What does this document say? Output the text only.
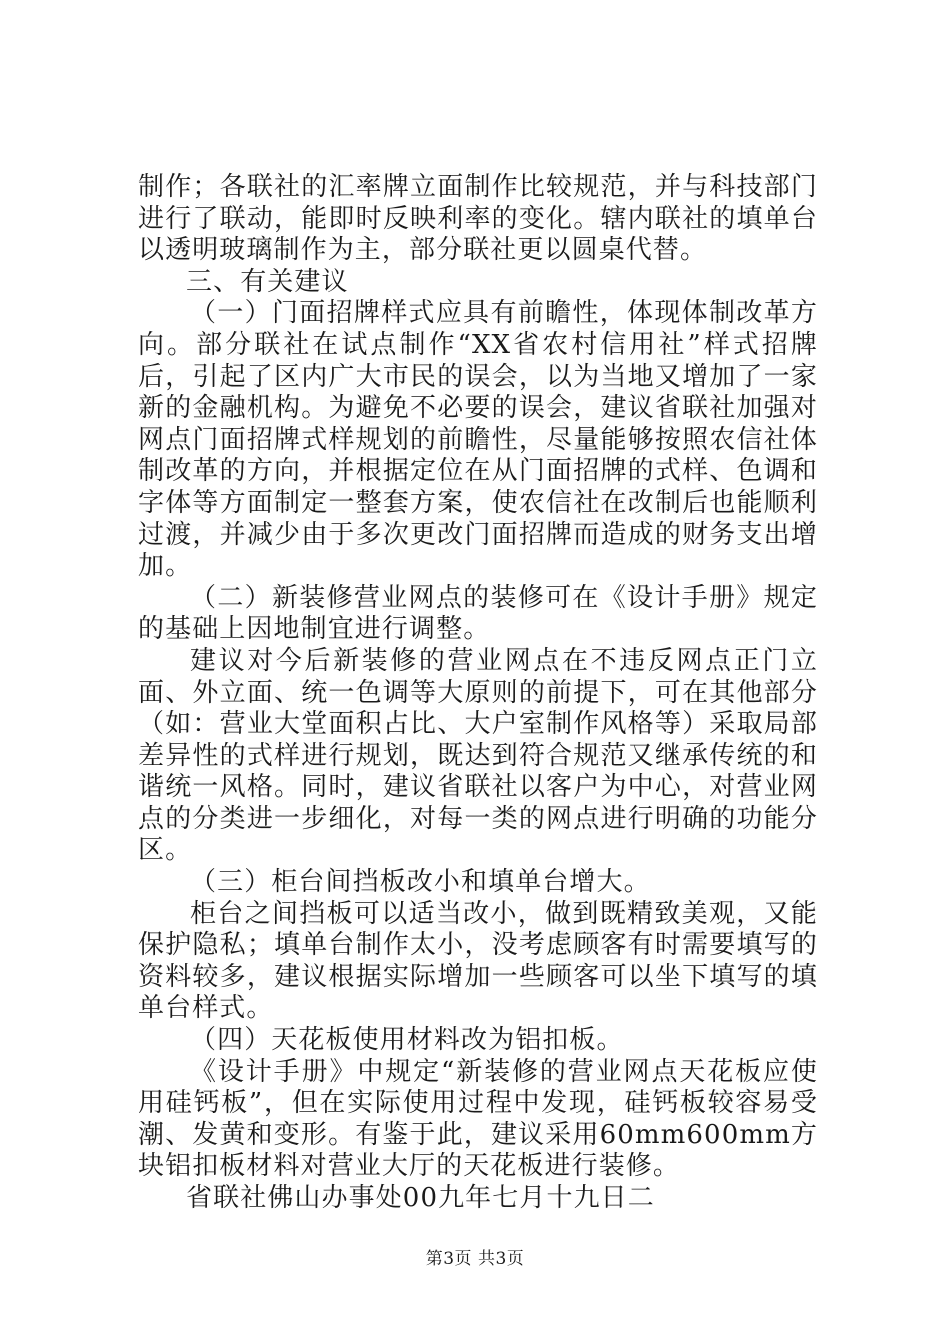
制作；各联社的汇率牌立面制作比较规范，并与科技部门进行了联动，能即时反映利率的变化。辖内联社的填单台以透明玻璃制作为主，部分联社更以圆桌代替。

三、有关建议

（一）门面招牌样式应具有前瞻性，体现体制改革方向。部分联社在试点制作“XX省农村信用社”样式招牌后，引起了区内广大市民的误会，以为当地又增加了一家新的金融机构。为避免不必要的误会，建议省联社加强对网点门面招牌式样规划的前瞻性，尽量能够按照农信社体制改革的方向，并根据定位在从门面招牌的式样、色调和字体等方面制定一整套方案，使农信社在改制后也能顺利过渡，并减少由于多次更改门面招牌而造成的财务支出增加。

（二）新装修营业网点的装修可在《设计手册》规定的基础上因地制宜进行调整。

建议对今后新装修的营业网点在不违反网点正门立面、外立面、统一色调等大原则的前提下，可在其他部分（如：营业大堂面积占比、大户室制作风格等）采取局部差异性的式样进行规划，既达到符合规范又继承传统的和谐统一风格。同时，建议省联社以客户为中心，对营业网点的分类进一步细化，对每一类的网点进行明确的功能分区。

（三）柜台间挡板改小和填单台增大。

柜台之间挡板可以适当改小，做到既精致美观，又能保护隐私；填单台制作太小，没考虑顾客有时需要填写的资料较多，建议根据实际增加一些顾客可以坐下填写的填单台样式。

（四）天花板使用材料改为铝扣板。

《设计手册》中规定“新装修的营业网点天花板应使用硅钙板”，但在实际使用过程中发现，硅钙板较容易受潮、发黄和变形。有鉴于此，建议采用60mm600mm方块铝扣板材料对营业大厅的天花板进行装修。

省联社佛山办事处00九年七月十九日二

第3页 共3页
